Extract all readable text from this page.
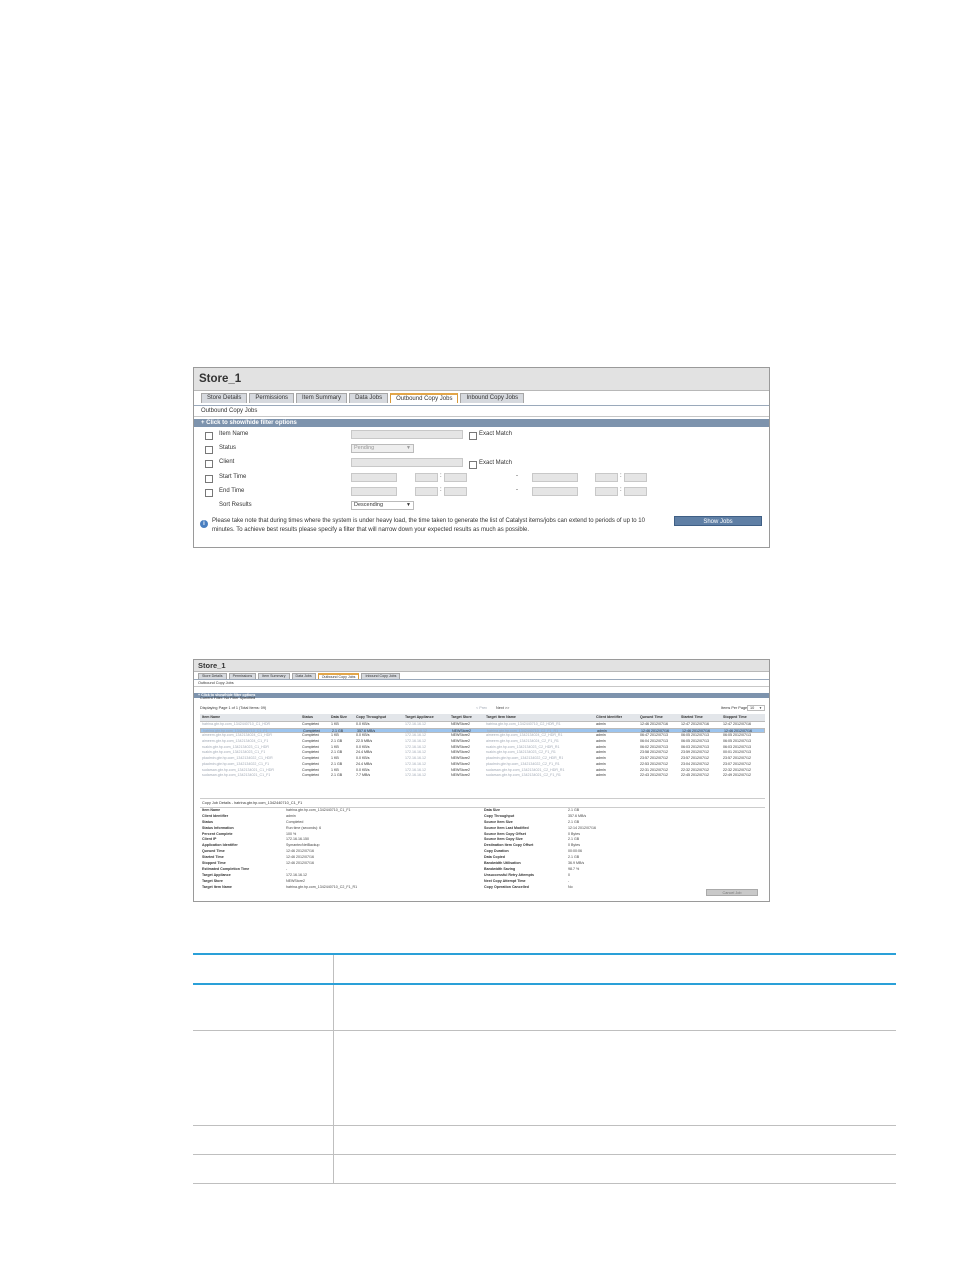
Store_1
Store Details	Permissions	Item Summary	Data Jobs	Outbound Copy Jobs	Inbound Copy Jobs
Outbound Copy Jobs
+ Click to show/hide filter options
Item Name	Exact Match
Status	Pending	▼
Client	Exact Match
Start Time	:	-	:
End Time	:	-	:
Sort Results	Descending	▼
i	Please take note that during times where the system is under heavy load, the time taken to generate the list of Catalyst items/jobs can extend to periods of up to 10 minutes. To achieve best results please specify a filter that will narrow down your expected results as much as possible.
Show Jobs
Store_1
Store Details	Permissions	Item Summary	Data Jobs	Outbound Copy Jobs	Inbound Copy Jobs
Outbound Copy Jobs
+ Click to show/hide filter options
Current Filter: No Filter Specified
Displaying Page 1 of 1 (Total Items: 09)	< Prev Next >>	Items Per Page 10 ▼
Item Name	Status	Data Size	Copy Throughput	Target Appliance	Target Store	Target Item Name	Client Identifier	Queued Time	Started Time	Stopped Time
hatrina.gbr.hp.com_1342440710_C1_HDR	Completed	1 KB	0.0 KB/s	172.16.16.12	NEWStore2	hatrina.gbr.hp.com_1342440710_C2_HDR_R1	admin	12:46 2012/07/16	12:47 2012/07/16	12:47 2012/07/16
hatrina.gbr.hp.com_1342440710_C1_F1	Completed	2.1 GB	357.6 MB/s	172.16.16.12	NEWStore2	hatrina.gbr.hp.com_1342440710_C2_F1_R1	admin	12:46 2012/07/16	12:46 2012/07/16	12:46 2012/07/16
aimeem.gbr.hp.com_1342134024_C1_HDR	Completed	1 KB	0.0 KB/s	172.16.16.12	NEWStore2	aimeem.gbr.hp.com_1342134024_C2_HDR_R1	admin	06:47 2012/07/13	06:05 2012/07/13	06:05 2012/07/13
aimeem.gbr.hp.com_1342134024_C1_F1	Completed	2.1 GB	22.5 MB/s	172.16.16.12	NEWStore2	aimeem.gbr.hp.com_1342134024_C2_F1_R1	admin	06:04 2012/07/13	06:05 2012/07/13	06:05 2012/07/13
ruakin.gbr.hp.com_1342134023_C1_HDR	Completed	1 KB	0.0 KB/s	172.16.16.12	NEWStore2	ruakin.gbr.hp.com_1342134023_C2_HDR_R1	admin	06:02 2012/07/13	06:03 2012/07/13	06:03 2012/07/13
ruakin.gbr.hp.com_1342134023_C1_F1	Completed	2.1 GB	24.4 MB/s	172.16.16.12	NEWStore2	ruakin.gbr.hp.com_1342134023_C2_F1_R1	admin	23:58 2012/07/12	23:59 2012/07/12	00:01 2012/07/13
pkadmin.gbr.hp.com_1342134022_C1_HDR	Completed	1 KB	0.0 KB/s	172.16.16.12	NEWStore2	pkadmin.gbr.hp.com_1342134022_C2_HDR_R1	admin	23:57 2012/07/12	23:57 2012/07/12	23:57 2012/07/12
pkadmin.gbr.hp.com_1342134022_C1_F1	Completed	2.1 GB	24.4 MB/s	172.16.16.12	NEWStore2	pkadmin.gbr.hp.com_1342134022_C2_F1_R1	admin	22:53 2012/07/12	23:04 2012/07/12	23:07 2012/07/12
sudarsan.gbr.hp.com_1342134021_C1_HDR	Completed	1 KB	0.0 KB/s	172.16.16.12	NEWStore2	sudarsan.gbr.hp.com_1342134021_C2_HDR_R1	admin	22:31 2012/07/12	22:32 2012/07/12	22:32 2012/07/12
sudarsan.gbr.hp.com_1342134021_C1_F1	Completed	2.1 GB	7.7 MB/s	172.16.16.12	NEWStore2	sudarsan.gbr.hp.com_1342134021_C2_F1_R1	admin	22:43 2012/07/12	22:45 2012/07/12	22:49 2012/07/12
Copy Job Details - hatrina.gbr.hp.com_1342440710_C1_F1
Item Name	hatrina.gbr.hp.com_1342440710_C1_F1	Data Size	2.1 GB
Client Identifier	admin	Copy Throughput	357.6 MB/s
Status	Completed	Source Item Size	2.1 GB
Status Information	Run time (seconds): 6	Source Item Last Modified	12:14 2012/07/16
Percent Complete	100 %	Source Item Copy Offset	0 Bytes
Client IP	172.16.16.150	Source Item Copy Size	2.1 GB
Application Identifier	SymantecNetBackup	Destination Item Copy Offset	0 Bytes
Queued Time	12:46 2012/07/16	Copy Duration	00:00:06
Started Time	12:46 2012/07/16	Data Copied	2.1 GB
Stopped Time	12:46 2012/07/16	Bandwidth Utilisation	36.9 MB/s
Estimated Completion Time	-	Bandwidth Saving	98.7 %
Target Appliance	172.16.16.12	Unsuccessful Retry Attempts	0
Target Store	NEWStore2	Next Copy Attempt Time	-
Target Item Name	hatrina.gbr.hp.com_1342440710_C2_F1_R1	Copy Operation Cancelled	No
Cancel Job
